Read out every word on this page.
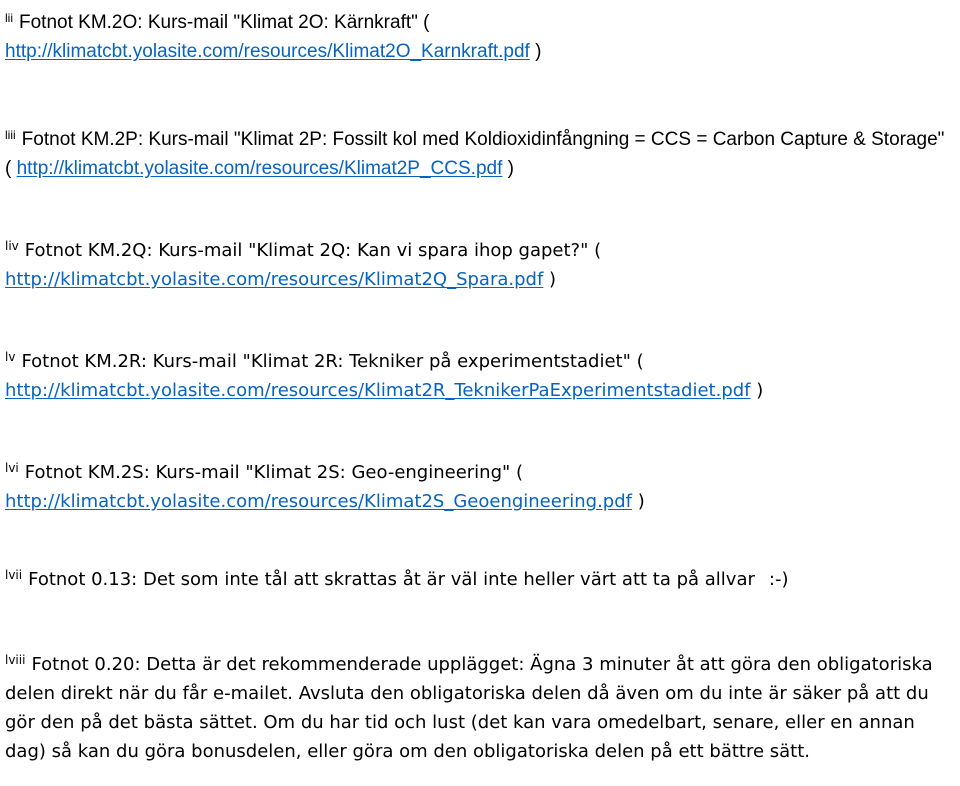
$^{lii}$ Fotnot KM.2O: Kurs-mail "Klimat 2O: Kärnkraft" (
http://klimatcbt.yolasite.com/resources/Klimat2O_Karnkraft.pdf )

$^{liii}$ Fotnot KM.2P: Kurs-mail "Klimat 2P: Fossilt kol med Koldioxidinfångning = CCS = Carbon Capture & Storage" ( http://klimatcbt.yolasite.com/resources/Klimat2P_CCS.pdf )

$^{liv}$ Fotnot KM.2Q: Kurs-mail "Klimat 2Q: Kan vi spara ihop gapet?" (
http://klimatcbt.yolasite.com/resources/Klimat2Q_Spara.pdf )

$^{lv}$ Fotnot KM.2R: Kurs-mail "Klimat 2R: Tekniker på experimentstadiet" (
http://klimatcbt.yolasite.com/resources/Klimat2R_TeknikerPaExperimentstadiet.pdf )

$^{lvi}$ Fotnot KM.2S: Kurs-mail "Klimat 2S: Geo-engineering" (
http://klimatcbt.yolasite.com/resources/Klimat2S_Geoengineering.pdf )

$^{lvii}$ Fotnot 0.13: Det som inte tål att skrattas åt är väl inte heller värt att ta på allvar :-)

$^{lviii}$ Fotnot 0.20: Detta är det rekommenderade upplägget: Ägna 3 minuter åt att göra den obligatoriska delen direkt när du får e-mailet. Avsluta den obligatoriska delen då även om du inte är säker på att du gör den på det bästa sättet. Om du har tid och lust (det kan vara omedelbart, senare, eller en annan dag) så kan du göra bonusdelen, eller göra om den obligatoriska delen på ett bättre sätt.
